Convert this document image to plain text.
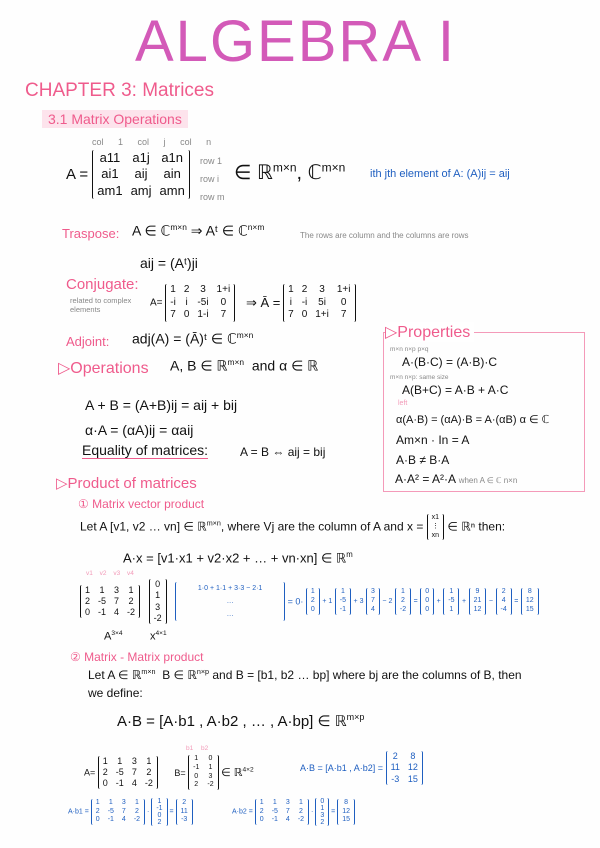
ALGEBRA I
CHAPTER 3: Matrices
3.1 Matrix Operations
col 1 col j col n
A =
a11 a1j a1n
ai1	aij	ain
am1 amj amn
row 1
row i
row m
∈ ℝ$^{m\times n}$, ℂ$^{m\times n}$ ith jth element of A: (A)ij = aij
Traspose: A ∈ ℂ$^{m\times n}$ ⇒ Aᵗ ∈ ℂ$^{n\times m}$
The rows are column and the columns are rows
aij = (Aᵗ)ji
Conjugate:
related to complex elements
A=
1 2 3 1+i
-i i -5i	0
7 0 1-i	7
⇒ Ā =
1 2	3	1+i
i -i 5i	0
7 0 1+i	7
Adjoint: adj(A) = (Ā)ᵗ ∈ ℂ$^{m\times n}$
▷Operations A, B ∈ ℝ$^{m\times n}$ and α ∈ ℝ
A + B = (A+B)ij = aij + bij
α·A = (αA)ij = αaij
Equality of matrices:	A = B ⇔ aij = bij
▷Properties
m×n n×p p×q
A·(B·C) = (A·B)·C
m×n n×p: same size
A(B+C) = A·B + A·C
left
α(A·B) = (αA)·B = A·(αB) α ∈ ℂ
Am×n · In = A
A·B ≠ B·A
A·A² = A²·A when A ∈ ℂ n×n
▷Product of matrices
① Matrix vector product
Let A [v1, v2 … vn] ∈ ℝ$^{m\times n}$, where Vj are the column of A and x =
x1
⋮
xn
∈ ℝⁿ then:
A·x = [v1·x1 + v2·x2 + … + vn·xn] ∈ ℝ$^m$
v1 v2 v3 v4
1 1 3 1
2 -5 7 2
0 -1 4 -2

0
1
3
-2

1·0 + 1·1 + 3·3 − 2·1
…
…
= 0·
1
2
0
+ 1
1
-5
-1
+ 3
3
7
4
− 2
1
2
-2
=
0
0
0
+
1
-5
1
+
9
21
12
−
2
4
-4
=
8
12
15
$A^{3\times 4}$ $x^{4\times 1}$
② Matrix - Matrix product
Let A ∈ ℝ$^{m\times n}$ B ∈ ℝ$^{n\times p}$ and B = [b1, b2 … bp] where bj are the columns of B, then
we define:
A·B = [A·b1 , A·b2 , … , A·bp] ∈ ℝ$^{m\times p}$
A=
1 1 3 1
2 -5 7 2
0 -1 4 -2
B=
1 0
-1 1
0 3
2 -2
∈ ℝ$^{4\times 2}$
b1 b2
A·B = [A·b1 , A·b2] =
2 8
11 12
-3 15
A·b1 =
1 1 3 1
2 -5 7 2
0 -1 4 -2
·
1
-1
0
2
=
2
11
-3
A·b2 =
1 1 3 1
2 -5 7 2
0 -1 4 -2
·
0
1
3
2
=
8
12
15
